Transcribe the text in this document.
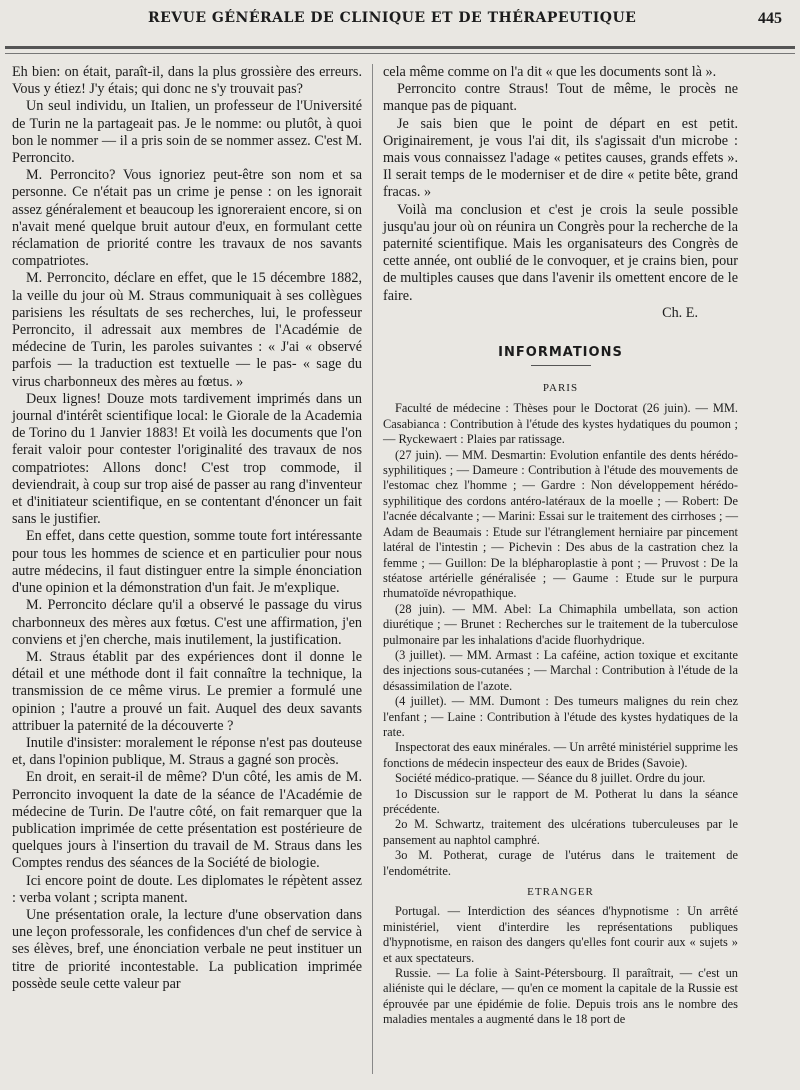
REVUE GÉNÉRALE DE CLINIQUE ET DE THÉRAPEUTIQUE	445

Eh bien: on était, paraît-il, dans la plus grossière des erreurs. Vous y étiez! J'y étais; qui donc ne s'y trouvait pas?

Un seul individu, un Italien, un professeur de l'Université de Turin ne la partageait pas. Je le nomme: ou plutôt, à quoi bon le nommer — il a pris soin de se nommer assez. C'est M. Perroncito.

M. Perroncito? Vous ignoriez peut-être son nom et sa personne. Ce n'était pas un crime je pense : on les ignorait assez généralement et beaucoup les ignoreraient encore, si on n'avait mené quelque bruit autour d'eux, en formulant cette réclamation de priorité contre les travaux de nos savants compatriotes.

M. Perroncito, déclare en effet, que le 15 décembre 1882, la veille du jour où M. Straus communiquait à ses collègues parisiens les résultats de ses recherches, lui, le professeur Perroncito, il adressait aux membres de l'Académie de médecine de Turin, les paroles suivantes : « J'ai « observé parfois — la traduction est textuelle — le pas- « sage du virus charbonneux des mères au fœtus. »

Deux lignes! Douze mots tardivement imprimés dans un journal d'intérêt scientifique local: le Giorale de la Academia de Torino du 1 Janvier 1883! Et voilà les documents que l'on ferait valoir pour contester l'originalité des travaux de nos compatriotes: Allons donc! C'est trop commode, il deviendrait, à coup sur trop aisé de passer au rang d'inventeur et d'initiateur scientifique, en se contentant d'énoncer un fait sans le justifier.

En effet, dans cette question, somme toute fort intéressante pour tous les hommes de science et en particulier pour nous autre médecins, il faut distinguer entre la simple énonciation d'une opinion et la démonstration d'un fait. Je m'explique.

M. Perroncito déclare qu'il a observé le passage du virus charbonneux des mères aux fœtus. C'est une affirmation, j'en conviens et j'en cherche, mais inutilement, la justification.

M. Straus établit par des expériences dont il donne le détail et une méthode dont il fait connaître la technique, la transmission de ce même virus. Le premier a formulé une opinion ; l'autre a prouvé un fait. Auquel des deux savants attribuer la paternité de la découverte ?

Inutile d'insister: moralement le réponse n'est pas douteuse et, dans l'opinion publique, M. Straus a gagné son procès.

En droit, en serait-il de même? D'un côté, les amis de M. Perroncito invoquent la date de la séance de l'Académie de médecine de Turin. De l'autre côté, on fait remarquer que la publication imprimée de cette présentation est postérieure de quelques jours à l'insertion du travail de M. Straus dans les Comptes rendus des séances de la Société de biologie.

Ici encore point de doute. Les diplomates le répètent assez : verba volant ; scripta manent.

Une présentation orale, la lecture d'une observation dans une leçon professorale, les confidences d'un chef de service à ses élèves, bref, une énonciation verbale ne peut instituer un titre de priorité incontestable. La publication imprimée possède seule cette valeur par

cela même comme on l'a dit « que les documents sont là ».

Perroncito contre Straus! Tout de même, le procès ne manque pas de piquant.

Je sais bien que le point de départ en est petit. Originairement, je vous l'ai dit, ils s'agissait d'un microbe : mais vous connaissez l'adage « petites causes, grands effets ». Il serait temps de le moderniser et de dire « petite bête, grand fracas. »

Voilà ma conclusion et c'est je crois la seule possible jusqu'au jour où on réunira un Congrès pour la recherche de la paternité scientifique. Mais les organisateurs des Congrès de cette année, ont oublié de le convoquer, et je crains bien, pour de multiples causes que dans l'avenir ils omettent encore de le faire.

Ch. E.

INFORMATIONS
PARIS

Faculté de médecine : Thèses pour le Doctorat (26 juin). — MM. Casabianca : Contribution à l'étude des kystes hydatiques du poumon ; — Ryckewaert : Plaies par ratissage.

(27 juin). — MM. Desmartin: Evolution enfantile des dents hérédo-syphilitiques ; — Dameure : Contribution à l'étude des mouvements de l'estomac chez l'homme ; — Gardre : Non développement hérédo-syphilitique des cordons antéro-latéraux de la moelle ; — Robert: De l'acnée décalvante ; — Marini: Essai sur le traitement des cirrhoses ; — Adam de Beaumais : Etude sur l'étranglement herniaire par pincement latéral de l'intestin ; — Pichevin : Des abus de la castration chez la femme ; — Guillon: De la blépharoplastie à pont ; — Pruvost : De la stéatose artérielle généralisée ; — Gaume : Etude sur le purpura rhumatoïde névropathique.

(28 juin). — MM. Abel: La Chimaphila umbellata, son action diurétique ; — Brunet : Recherches sur le traitement de la tuberculose pulmonaire par les inhalations d'acide fluorhydrique.

(3 juillet). — MM. Armast : La caféine, action toxique et excitante des injections sous-cutanées ; — Marchal : Contribution à l'étude de la désassimilation de l'azote.

(4 juillet). — MM. Dumont : Des tumeurs malignes du rein chez l'enfant ; — Laine : Contribution à l'étude des kystes hydatiques de la rate.

Inspectorat des eaux minérales. — Un arrêté ministériel supprime les fonctions de médecin inspecteur des eaux de Brides (Savoie).

Société médico-pratique. — Séance du 8 juillet. Ordre du jour.

1o Discussion sur le rapport de M. Potherat lu dans la séance précédente.

2o M. Schwartz, traitement des ulcérations tuberculeuses par le pansement au naphtol camphré.

3o M. Potherat, curage de l'utérus dans le traitement de l'endométrite.

ETRANGER

Portugal. — Interdiction des séances d'hypnotisme : Un arrêté ministériel, vient d'interdire les représentations publiques d'hypnotisme, en raison des dangers qu'elles font courir aux « sujets » et aux spectateurs.

Russie. — La folie à Saint-Pétersbourg. Il paraîtrait, — c'est un aliéniste qui le déclare, — qu'en ce moment la capitale de la Russie est éprouvée par une épidémie de folie. Depuis trois ans le nombre des maladies mentales a augmenté dans le 18 port de
